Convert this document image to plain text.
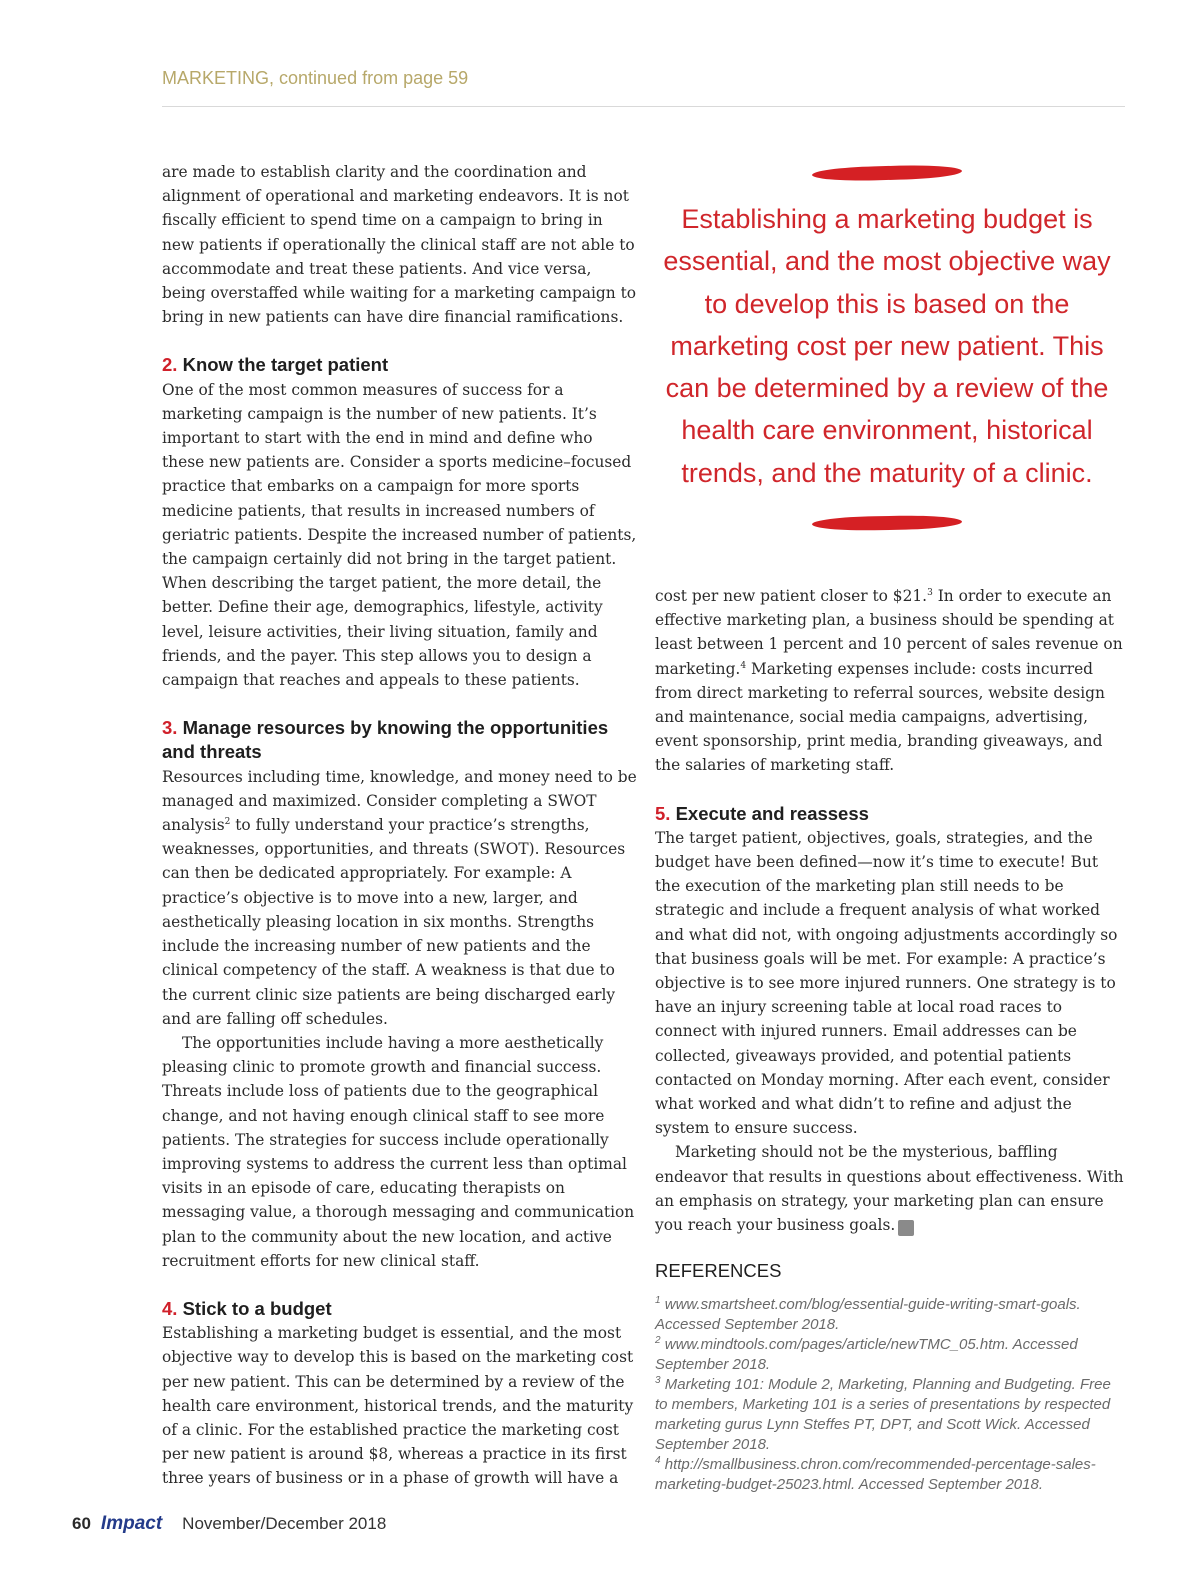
MARKETING, continued from page 59

are made to establish clarity and the coordination and alignment of operational and marketing endeavors. It is not fiscally efficient to spend time on a campaign to bring in new patients if operationally the clinical staff are not able to accommodate and treat these patients. And vice versa, being overstaffed while waiting for a marketing campaign to bring in new patients can have dire financial ramifications.

2. Know the target patient

One of the most common measures of success for a marketing campaign is the number of new patients. It’s important to start with the end in mind and define who these new patients are. Consider a sports medicine–focused practice that embarks on a campaign for more sports medicine patients, that results in increased numbers of geriatric patients. Despite the increased number of patients, the campaign certainly did not bring in the target patient. When describing the target patient, the more detail, the better. Define their age, demographics, lifestyle, activity level, leisure activities, their living situation, family and friends, and the payer. This step allows you to design a campaign that reaches and appeals to these patients.

3. Manage resources by knowing the opportunities and threats

Resources including time, knowledge, and money need to be managed and maximized. Consider completing a SWOT analysis$^2$ to fully understand your practice’s strengths, weaknesses, opportunities, and threats (SWOT). Resources can then be dedicated appropriately. For example: A practice’s objective is to move into a new, larger, and aesthetically pleasing location in six months. Strengths include the increasing number of new patients and the clinical competency of the staff. A weakness is that due to the current clinic size patients are being discharged early and are falling off schedules.

The opportunities include having a more aesthetically pleasing clinic to promote growth and financial success. Threats include loss of patients due to the geographical change, and not having enough clinical staff to see more patients. The strategies for success include operationally improving systems to address the current less than optimal visits in an episode of care, educating therapists on messaging value, a thorough messaging and communication plan to the community about the new location, and active recruitment efforts for new clinical staff.

4. Stick to a budget

Establishing a marketing budget is essential, and the most objective way to develop this is based on the marketing cost per new patient. This can be determined by a review of the health care environment, historical trends, and the maturity of a clinic. For the established practice the marketing cost per new patient is around $8, whereas a practice in its first three years of business or in a phase of growth will have a

Establishing a marketing budget is essential, and the most objective way to develop this is based on the marketing cost per new patient. This can be determined by a review of the health care environment, historical trends, and the maturity of a clinic.

cost per new patient closer to $21.$^3$ In order to execute an effective marketing plan, a business should be spending at least between 1 percent and 10 percent of sales revenue on marketing.$^4$ Marketing expenses include: costs incurred from direct marketing to referral sources, website design and maintenance, social media campaigns, advertising, event sponsorship, print media, branding giveaways, and the salaries of marketing staff.

5. Execute and reassess

The target patient, objectives, goals, strategies, and the budget have been defined—now it’s time to execute! But the execution of the marketing plan still needs to be strategic and include a frequent analysis of what worked and what did not, with ongoing adjustments accordingly so that business goals will be met. For example: A practice’s objective is to see more injured runners. One strategy is to have an injury screening table at local road races to connect with injured runners. Email addresses can be collected, giveaways provided, and potential patients contacted on Monday morning. After each event, consider what worked and what didn’t to refine and adjust the system to ensure success.

Marketing should not be the mysterious, baffling endeavor that results in questions about effectiveness. With an emphasis on strategy, your marketing plan can ensure you reach your business goals. I

REFERENCES

$^1$ www.smartsheet.com/blog/essential-guide-writing-smart-goals. Accessed September 2018.

$^2$ www.mindtools.com/pages/article/newTMC_05.htm. Accessed September 2018.

$^3$ Marketing 101: Module 2, Marketing, Planning and Budgeting. Free to members, Marketing 101 is a series of presentations by respected marketing gurus Lynn Steffes PT, DPT, and Scott Wick. Accessed September 2018.

$^4$ http://smallbusiness.chron.com/recommended-percentage-sales-marketing-budget-25023.html. Accessed September 2018.

60 Impact November/December 2018
